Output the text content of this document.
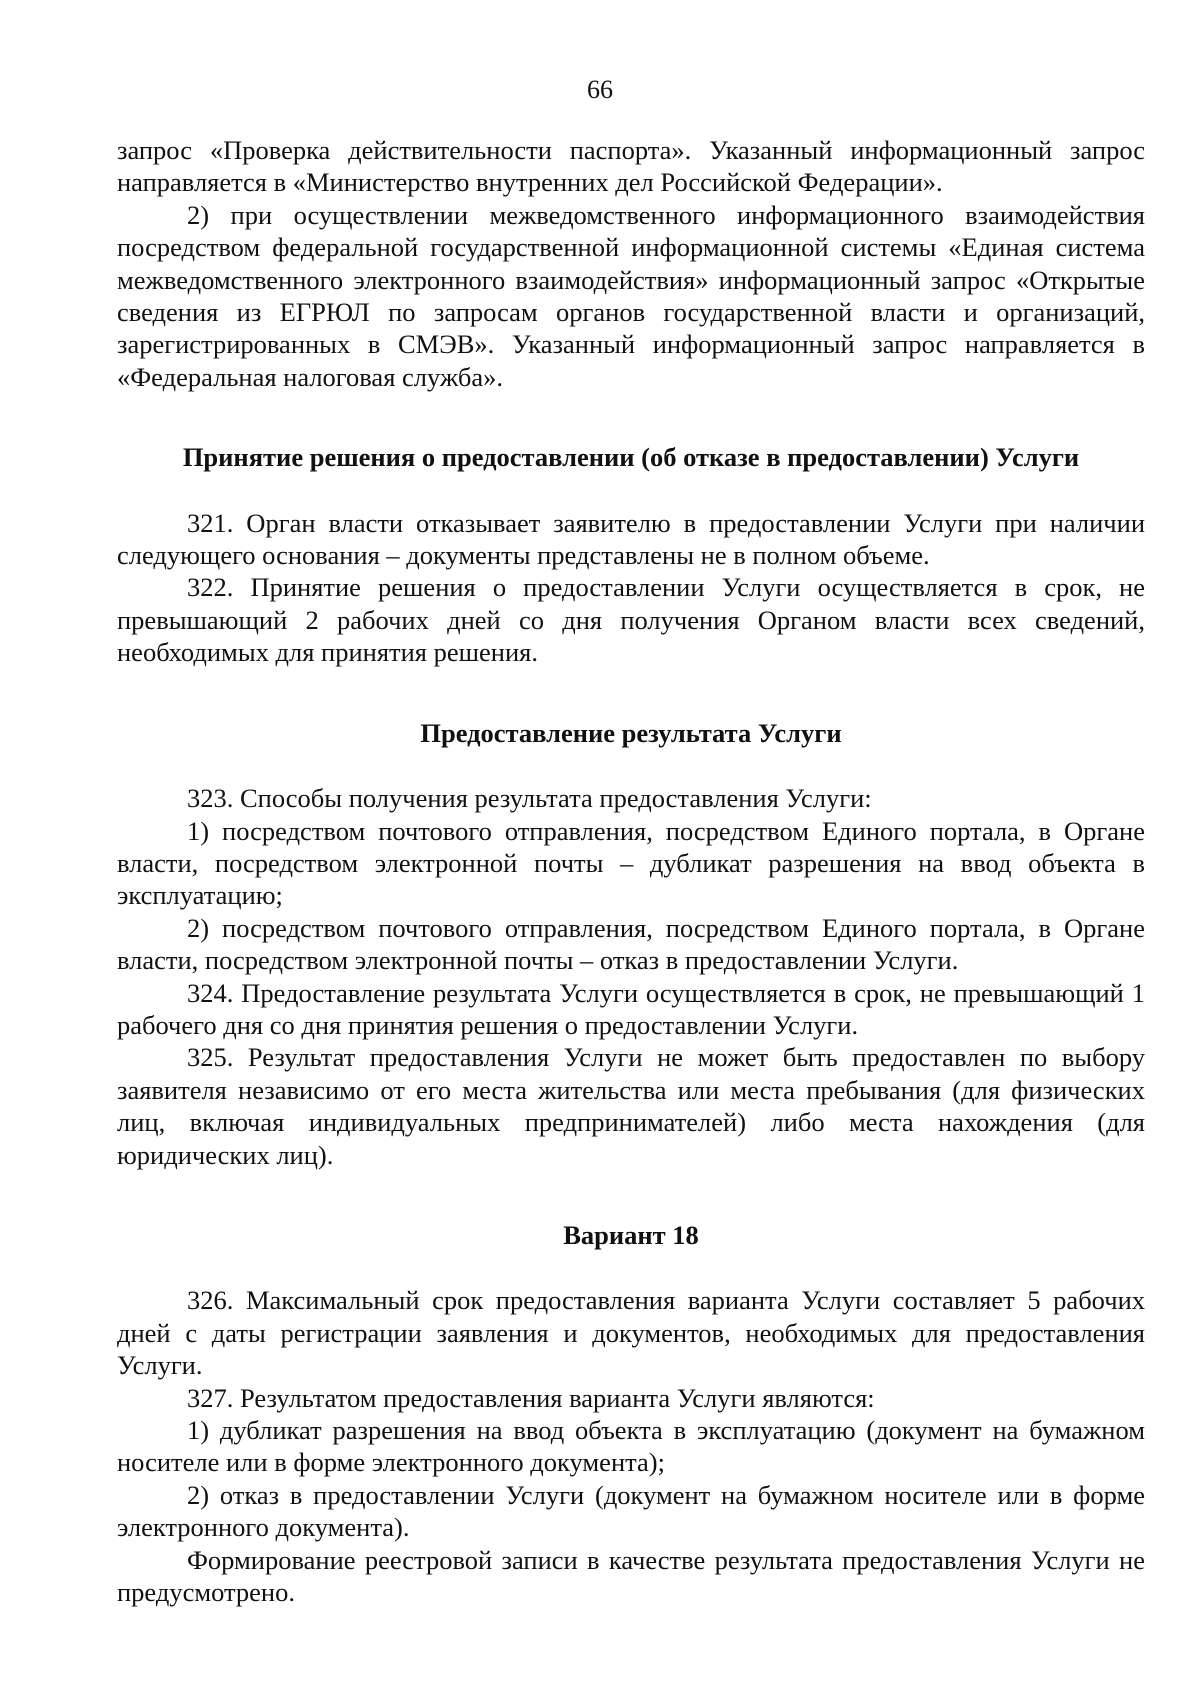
66

запрос «Проверка действительности паспорта». Указанный информационный запрос направляется в «Министерство внутренних дел Российской Федерации».

2) при осуществлении межведомственного информационного взаимодействия посредством федеральной государственной информационной системы «Единая система межведомственного электронного взаимодействия» информационный запрос «Открытые сведения из ЕГРЮЛ по запросам органов государственной власти и организаций, зарегистрированных в СМЭВ». Указанный информационный запрос направляется в «Федеральная налоговая служба».

Принятие решения о предоставлении (об отказе в предоставлении) Услуги

321. Орган власти отказывает заявителю в предоставлении Услуги при наличии следующего основания – документы представлены не в полном объеме.

322. Принятие решения о предоставлении Услуги осуществляется в срок, не превышающий 2 рабочих дней со дня получения Органом власти всех сведений, необходимых для принятия решения.

Предоставление результата Услуги

323. Способы получения результата предоставления Услуги:

1) посредством почтового отправления, посредством Единого портала, в Органе власти, посредством электронной почты – дубликат разрешения на ввод объекта в эксплуатацию;

2) посредством почтового отправления, посредством Единого портала, в Органе власти, посредством электронной почты – отказ в предоставлении Услуги.

324. Предоставление результата Услуги осуществляется в срок, не превышающий 1 рабочего дня со дня принятия решения о предоставлении Услуги.

325. Результат предоставления Услуги не может быть предоставлен по выбору заявителя независимо от его места жительства или места пребывания (для физических лиц, включая индивидуальных предпринимателей) либо места нахождения (для юридических лиц).

Вариант 18

326. Максимальный срок предоставления варианта Услуги составляет 5 рабочих дней с даты регистрации заявления и документов, необходимых для предоставления Услуги.

327. Результатом предоставления варианта Услуги являются:

1) дубликат разрешения на ввод объекта в эксплуатацию (документ на бумажном носителе или в форме электронного документа);

2) отказ в предоставлении Услуги (документ на бумажном носителе или в форме электронного документа).

Формирование реестровой записи в качестве результата предоставления Услуги не предусмотрено.
